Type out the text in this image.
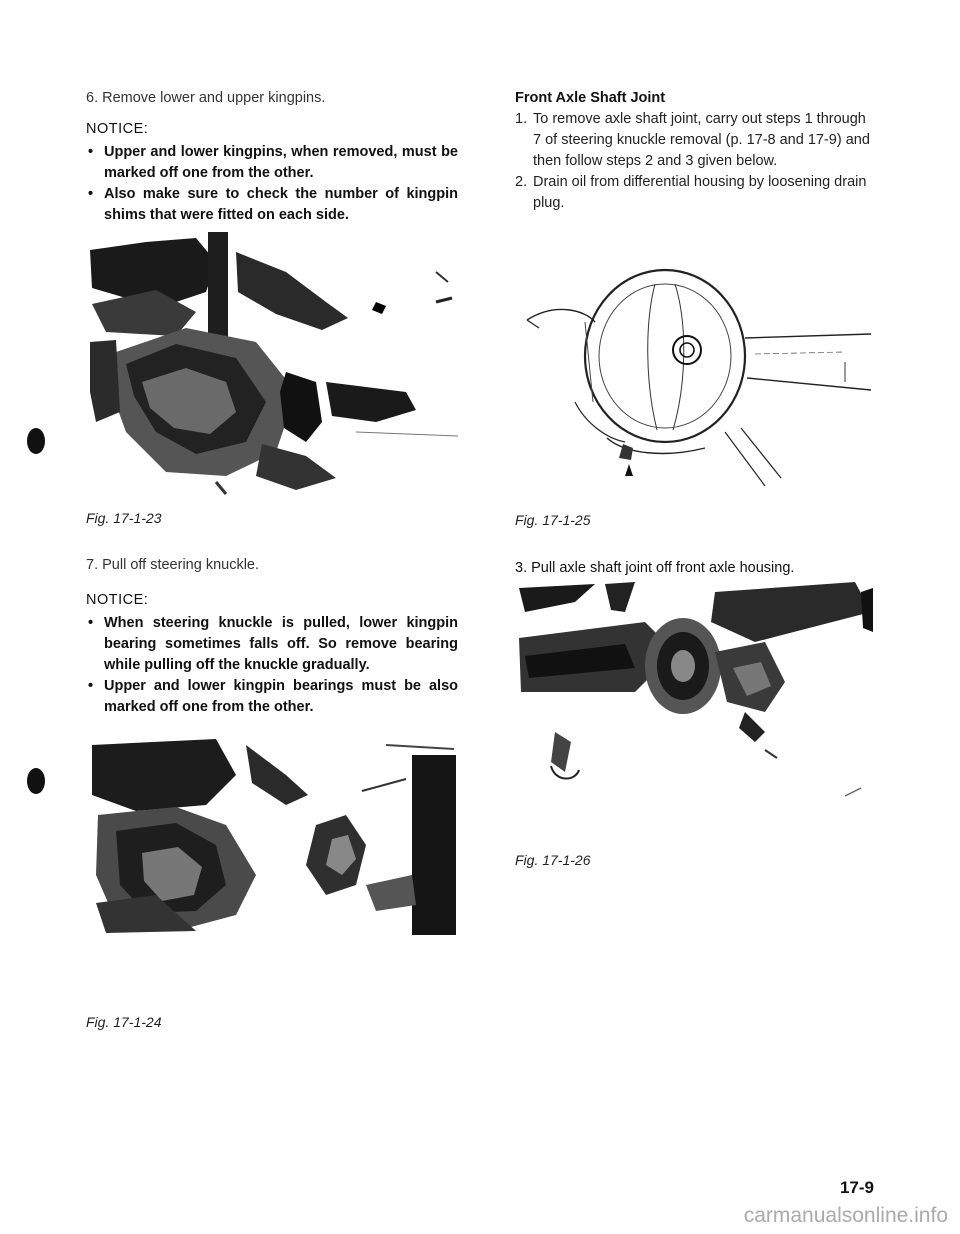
6. Remove lower and upper kingpins.

NOTICE:

• Upper and lower kingpins, when removed, must be marked off one from the other.
• Also make sure to check the number of kingpin shims that were fitted on each side.
Fig. 17-1-23

7. Pull off steering knuckle.

NOTICE:

• When steering knuckle is pulled, lower kingpin bearing sometimes falls off. So remove bearing while pulling off the knuckle gradually.
• Upper and lower kingpin bearings must be also marked off one from the other.
Fig. 17-1-24

Front Axle Shaft Joint

1. To remove axle shaft joint, carry out steps 1 through 7 of steering knuckle removal (p. 17-8 and 17-9) and then follow steps 2 and 3 given below.
2. Drain oil from differential housing by loosening drain plug.
Fig. 17-1-25

3. Pull axle shaft joint off front axle housing.

Fig. 17-1-26
17-9
carmanualsonline.info
